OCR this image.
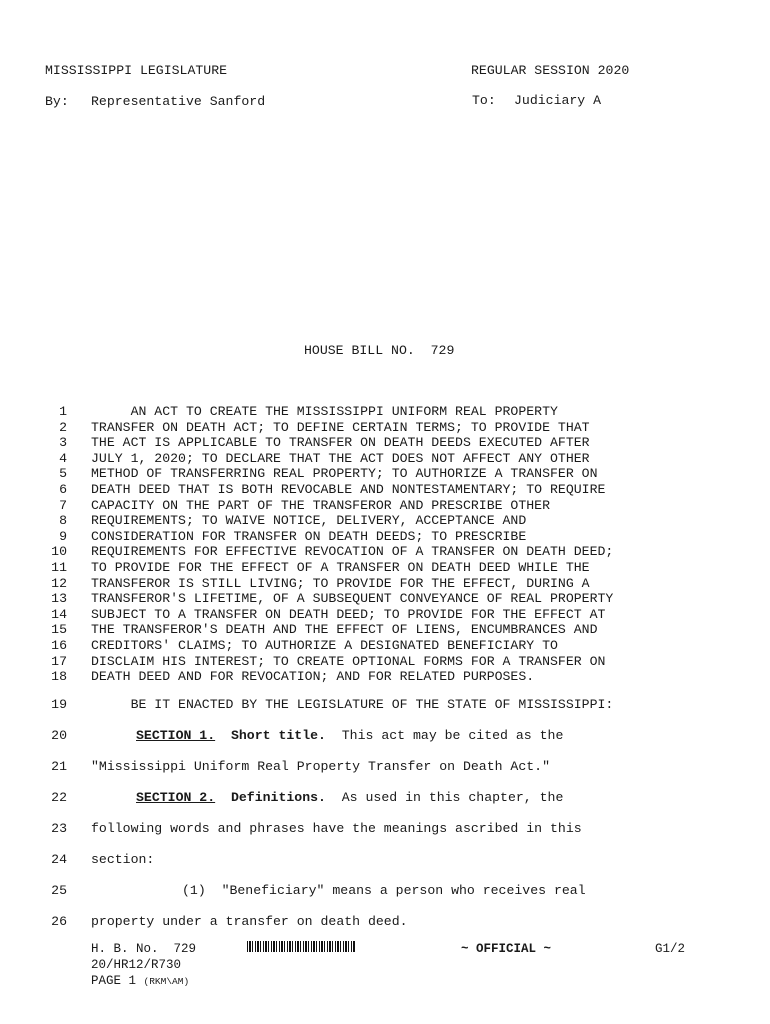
MISSISSIPPI LEGISLATURE	REGULAR SESSION 2020
By: Representative Sanford	To: Judiciary A
HOUSE BILL NO.  729
1 AN ACT TO CREATE THE MISSISSIPPI UNIFORM REAL PROPERTY
2 TRANSFER ON DEATH ACT; TO DEFINE CERTAIN TERMS; TO PROVIDE THAT
3 THE ACT IS APPLICABLE TO TRANSFER ON DEATH DEEDS EXECUTED AFTER
4 JULY 1, 2020; TO DECLARE THAT THE ACT DOES NOT AFFECT ANY OTHER
5 METHOD OF TRANSFERRING REAL PROPERTY; TO AUTHORIZE A TRANSFER ON
6 DEATH DEED THAT IS BOTH REVOCABLE AND NONTESTAMENTARY; TO REQUIRE
7 CAPACITY ON THE PART OF THE TRANSFEROR AND PRESCRIBE OTHER
8 REQUIREMENTS; TO WAIVE NOTICE, DELIVERY, ACCEPTANCE AND
9 CONSIDERATION FOR TRANSFER ON DEATH DEEDS; TO PRESCRIBE
10 REQUIREMENTS FOR EFFECTIVE REVOCATION OF A TRANSFER ON DEATH DEED;
11 TO PROVIDE FOR THE EFFECT OF A TRANSFER ON DEATH DEED WHILE THE
12 TRANSFEROR IS STILL LIVING; TO PROVIDE FOR THE EFFECT, DURING A
13 TRANSFEROR'S LIFETIME, OF A SUBSEQUENT CONVEYANCE OF REAL PROPERTY
14 SUBJECT TO A TRANSFER ON DEATH DEED; TO PROVIDE FOR THE EFFECT AT
15 THE TRANSFEROR'S DEATH AND THE EFFECT OF LIENS, ENCUMBRANCES AND
16 CREDITORS' CLAIMS; TO AUTHORIZE A DESIGNATED BENEFICIARY TO
17 DISCLAIM HIS INTEREST; TO CREATE OPTIONAL FORMS FOR A TRANSFER ON
18 DEATH DEED AND FOR REVOCATION; AND FOR RELATED PURPOSES.
19 BE IT ENACTED BY THE LEGISLATURE OF THE STATE OF MISSISSIPPI:
20	SECTION 1. Short title. This act may be cited as the
21 "Mississippi Uniform Real Property Transfer on Death Act."
22	SECTION 2. Definitions. As used in this chapter, the
23 following words and phrases have the meanings ascribed in this
24 section:
25	(1)  "Beneficiary" means a person who receives real
26 property under a transfer on death deed.
H. B. No.  729	~ OFFICIAL ~	G1/2
20/HR12/R730
PAGE 1 (RKM\AM)
